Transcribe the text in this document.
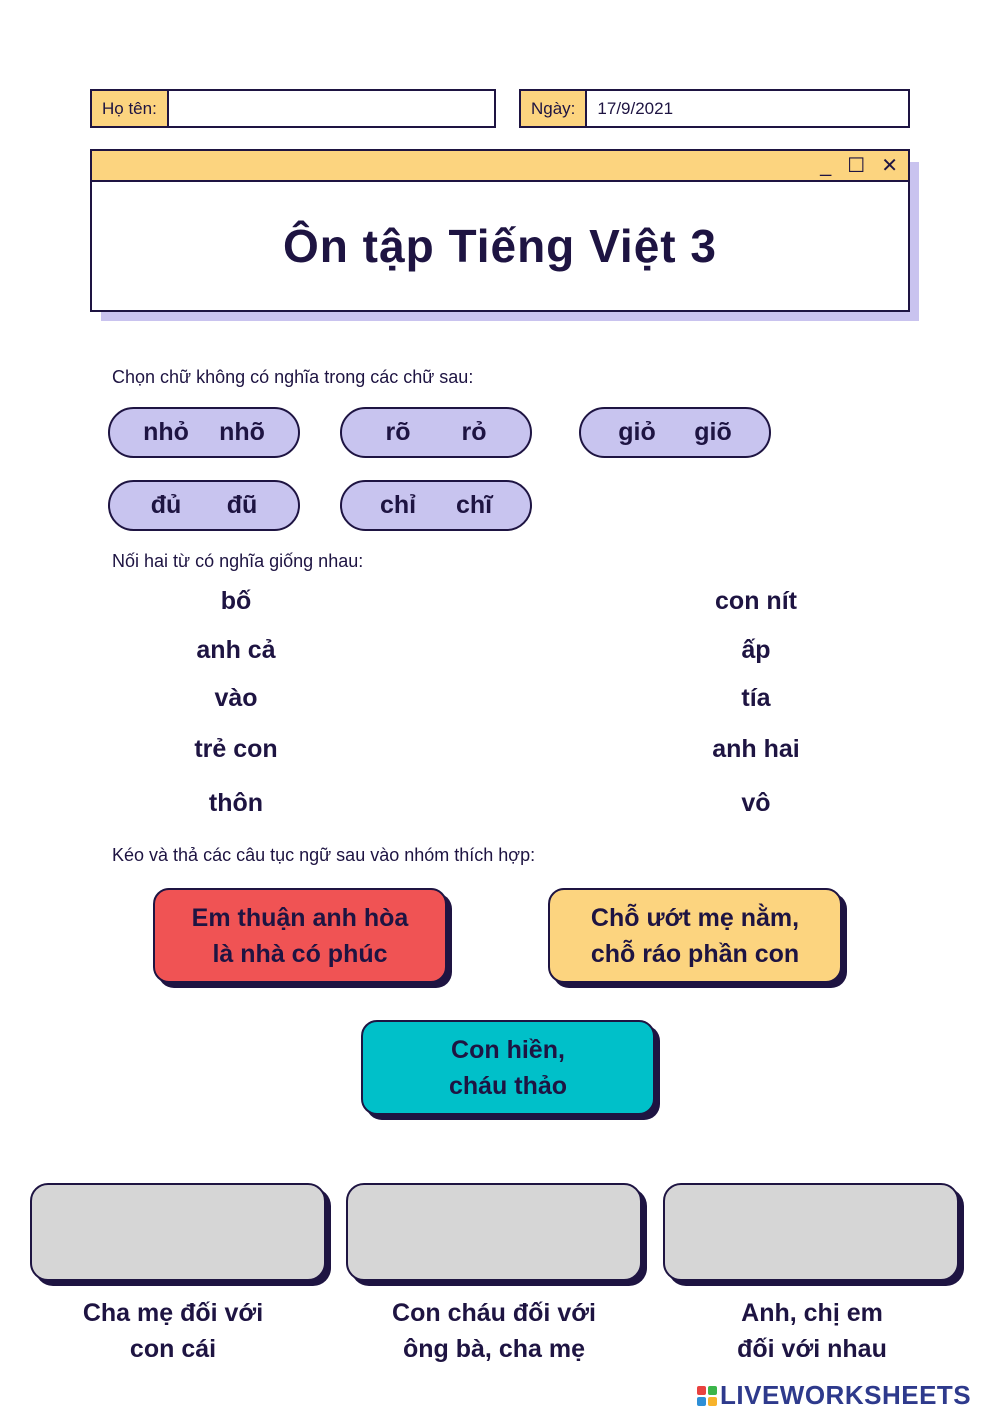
Họ tên:	Ngày:	17/9/2021
_ ☐ ✕
Ôn tập Tiếng Việt 3
Chọn chữ không có nghĩa trong các chữ sau:
nhỏ nhõ	rõ rỏ	giỏ giõ
đủ đũ	chỉ chĩ
Nối hai từ có nghĩa giống nhau:
bố
anh cả
vào
trẻ con
thôn
con nít
ấp
tía
anh hai
vô
Kéo và thả các câu tục ngữ sau vào nhóm thích hợp:
Em thuận anh hòa
là nhà có phúc
Chỗ ướt mẹ nằm,
chỗ ráo phần con
Con hiền,
cháu thảo
Cha mẹ đối với
con cái
Con cháu đối với
ông bà, cha mẹ
Anh, chị em
đối với nhau
LIVEWORKSHEETS
